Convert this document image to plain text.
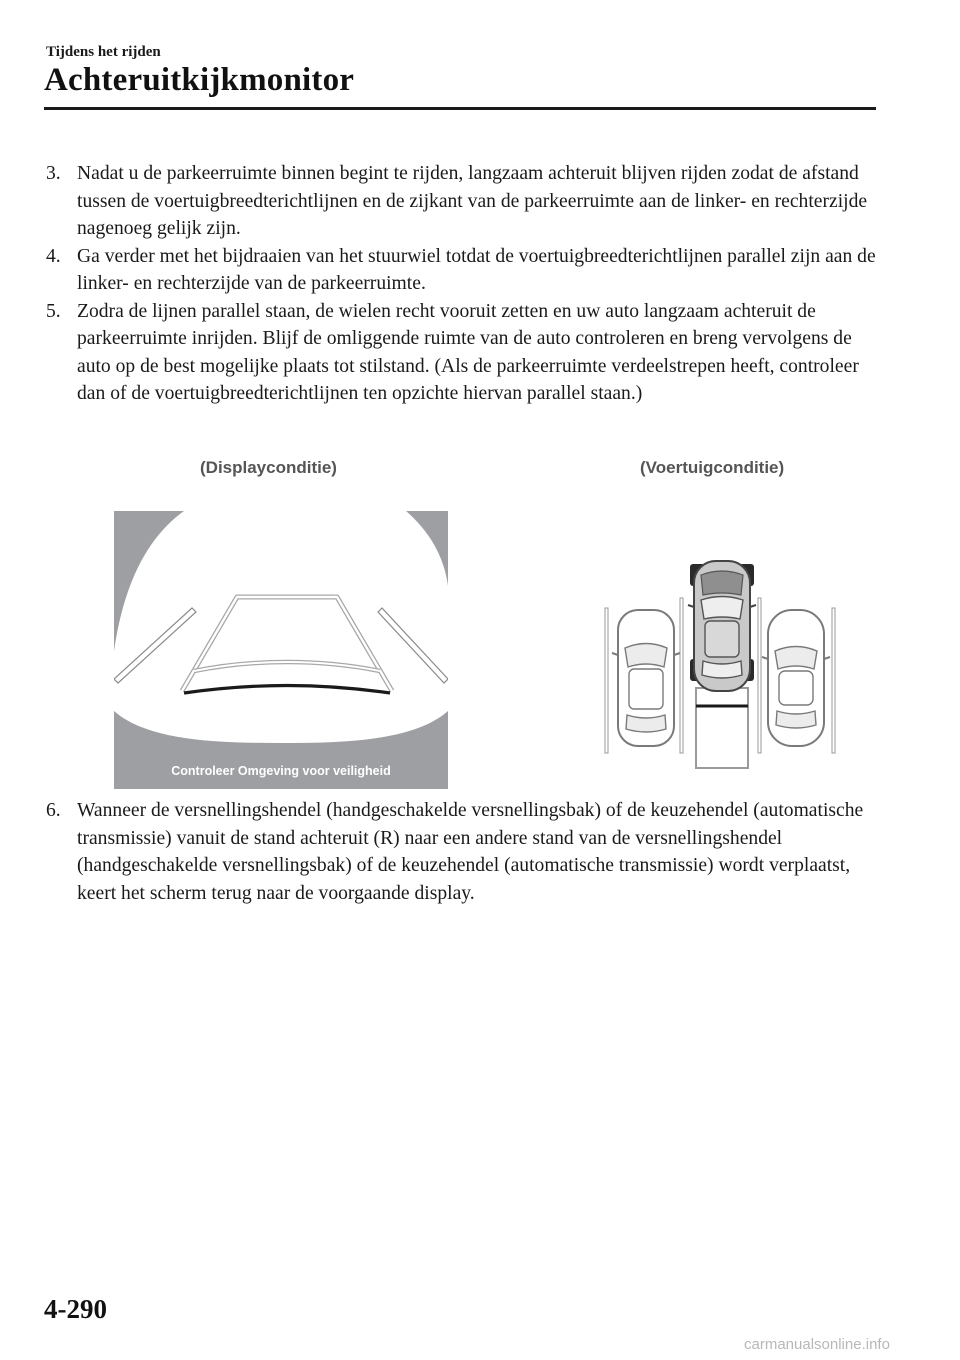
Tijdens het rijden
Achteruitkijkmonitor
3. Nadat u de parkeerruimte binnen begint te rijden, langzaam achteruit blijven rijden zodat de afstand tussen de voertuigbreedterichtlijnen en de zijkant van de parkeerruimte aan de linker- en rechterzijde nagenoeg gelijk zijn.
4. Ga verder met het bijdraaien van het stuurwiel totdat de voertuigbreedterichtlijnen parallel zijn aan de linker- en rechterzijde van de parkeerruimte.
5. Zodra de lijnen parallel staan, de wielen recht vooruit zetten en uw auto langzaam achteruit de parkeerruimte inrijden. Blijf de omliggende ruimte van de auto controleren en breng vervolgens de auto op de best mogelijke plaats tot stilstand. (Als de parkeerruimte verdeelstrepen heeft, controleer dan of de voertuigbreedterichtlijnen ten opzichte hiervan parallel staan.)
(Displayconditie)	(Voertuigconditie)
Controleer Omgeving voor veiligheid
6. Wanneer de versnellingshendel (handgeschakelde versnellingsbak) of de keuzehendel (automatische transmissie) vanuit de stand achteruit (R) naar een andere stand van de versnellingshendel (handgeschakelde versnellingsbak) of de keuzehendel (automatische transmissie) wordt verplaatst, keert het scherm terug naar de voorgaande display.
4-290
carmanualsonline.info
